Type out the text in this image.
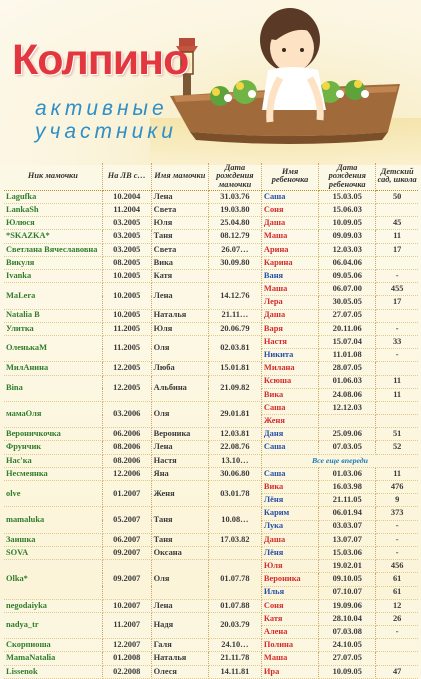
Колпино
активные
участники
Ник мамочки	На ЛВ с…	Имя мамочки	Дата рождения мамочки	Имя ребеночка	Дата рождения ребеночка	Детский сад, школа
Lagufka	10.2004	Лена	31.03.76	Саша	15.03.05	50
LankaSh	11.2004	Света	19.03.80	Соня	15.06.03	
Юлюся	03.2005	Юля	25.04.80	Даша	10.09.05	45
*SKAZKA*	03.2005	Таня	08.12.79	Маша	09.09.03	11
Светлана Вячеславовна	03.2005	Света	26.07…	Арина	12.03.03	17
Викуля	08.2005	Вика	30.09.80	Карина	06.04.06	
Ivanka	10.2005	Катя		Ваня	09.05.06	-
MaLera	10.2005	Лена	14.12.76	Маша	06.07.00	455
				Лера	30.05.05	17
Natalia B	10.2005	Наталья	21.11…	Даша	27.07.05	
Улитка	11.2005	Юля	20.06.79	Варя	20.11.06	-
ОленькаМ	11.2005	Оля	02.03.81	Настя	15.07.04	33
				Никита	11.01.08	-
МилАнина	12.2005	Люба	15.01.81	Милана	28.07.05	
Bina	12.2005	Альбина	21.09.82	Ксюша	01.06.03	11
				Вика	24.08.06	11
мамаОля	03.2006	Оля	29.01.81	Саша	12.12.03	
				Женя		
Вероничкочка	06.2006	Вероника	12.03.81	Даня	25.09.06	51
Фрунчик	08.2006	Лена	22.08.76	Саша	07.03.05	52
Нас'ка	08.2006	Настя	13.10…	Все еще впереди		
Несмеянка	12.2006	Яна	30.06.80	Саша	01.03.06	11
olve	01.2007	Женя	03.01.78	Вика	16.03.98	476
				Лёня	21.11.05	9
mamaluka	05.2007	Таня	10.08…	Карим	06.01.94	373
				Лука	03.03.07	-
Заишка	06.2007	Таня	17.03.82	Даша	13.07.07	-
SOVA	09.2007	Оксана		Лёня	15.03.06	-
Olka*	09.2007	Оля	01.07.78	Юля	19.02.01	456
				Вероника	09.10.05	61
				Илья	07.10.07	61
negodaiyka	10.2007	Лена	01.07.88	Соня	19.09.06	12
nadya_tr	11.2007	Надя	20.03.79	Катя	28.10.04	26
				Алена	07.03.08	-
Скорпиоша	12.2007	Галя	24.10…	Полина	24.10.05	
MamaNatalia	01.2008	Наталья	21.11.78	Маша	27.07.05	
Lissenok	02.2008	Олеся	14.11.81	Ира	10.09.05	47
